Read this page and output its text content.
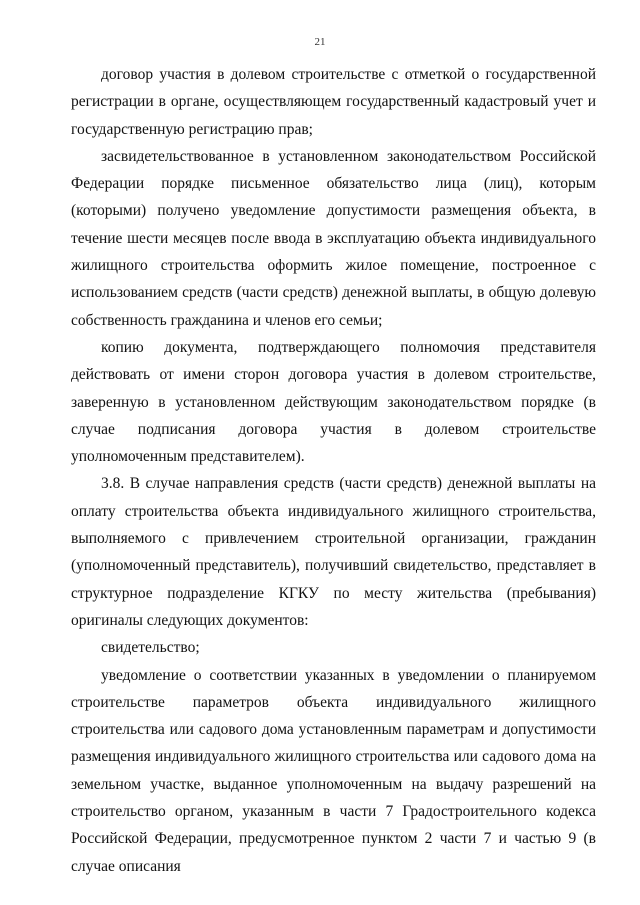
21

договор участия в долевом строительстве с отметкой о государственной регистрации в органе, осуществляющем государственный кадастровый учет и государственную регистрацию прав;

засвидетельствованное в установленном законодательством Российской Федерации порядке письменное обязательство лица (лиц), которым (которыми) получено уведомление допустимости размещения объекта, в течение шести месяцев после ввода в эксплуатацию объекта индивидуального жилищного строительства оформить жилое помещение, построенное с использованием средств (части средств) денежной выплаты, в общую долевую собственность гражданина и членов его семьи;

копию документа, подтверждающего полномочия представителя действовать от имени сторон договора участия в долевом строительстве, заверенную в установленном действующим законодательством порядке (в случае подписания договора участия в долевом строительстве уполномоченным представителем).

3.8. В случае направления средств (части средств) денежной выплаты на оплату строительства объекта индивидуального жилищного строительства, выполняемого с привлечением строительной организации, гражданин (уполномоченный представитель), получивший свидетельство, представляет в структурное подразделение КГКУ по месту жительства (пребывания) оригиналы следующих документов:

свидетельство;

уведомление о соответствии указанных в уведомлении о планируемом строительстве параметров объекта индивидуального жилищного строительства или садового дома установленным параметрам и допустимости размещения индивидуального жилищного строительства или садового дома на земельном участке, выданное уполномоченным на выдачу разрешений на строительство органом, указанным в части 7 Градостроительного кодекса Российской Федерации, предусмотренное пунктом 2 части 7 и частью 9 (в случае описания
